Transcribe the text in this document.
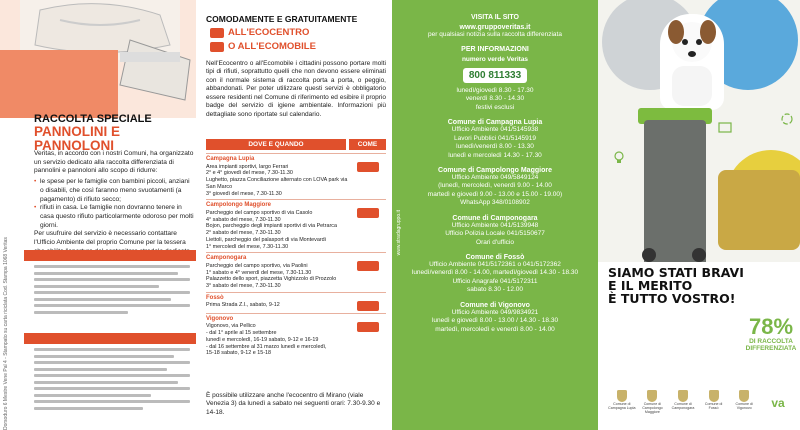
Dorsoduro 6 Mestre Vene Pal 4 - Stampato su carta riciclata Cod. Stampa 1068 Veritas
RACCOLTA SPECIALE
PANNOLINI E PANNOLONI

Veritas, in accordo con i nostri Comuni, ha organizzato un servizio dedicato alla raccolta differenziata di pannolini e pannoloni allo scopo di ridurre:

• le spese per le famiglie con bambini piccoli, anziani o disabili, che così faranno meno svuotamenti (a pagamento) di rifiuto secco;
• rifiuti in casa. Le famiglie non dovranno tenere in casa questo rifiuto particolarmente odoroso per molti giorni.

Per usufruire del servizio è necessario contattare l'Ufficio Ambiente del proprio Comune per la tessera

COMODAMENTE E GRATUITAMENTE
ALL'ECOCENTRO
O ALL'ECOMOBILE
Nell'Ecocentro o all'Ecomobile i cittadini possono portare molti tipi di rifiuti, soprattutto quelli che non devono essere eliminati con il normale sistema di raccolta porta a porta, o peggio, abbandonati. Per poter utilizzare questi servizi è obbligatorio essere residenti nel Comune di riferimento ed esibire il proprio badge del servizio di igiene ambientale. Informazioni più dettagliate sono riportate sul calendario.
DOVE E QUANDO	COME
Campagna Lupia
Area impianti sportivi, largo Ferrari
2° e 4° giovedì del mese, 7.30-11.30
Lughetto, piazza Conciliazione alternato con LOVA park via San Marco
3° giovedì del mese, 7.30-11.30
Campolongo Maggiore
Parcheggio del campo sportivo di via Casolo
4° sabato del mese, 7.30-11.30
Bojon, parcheggio degli impianti sportivi di via Petrarca
2° sabato del mese, 7.30-11.30
Liettoli, parcheggio del palasport di via Montevardi
1° mercoledì del mese, 7.30-11.30
Camponogara
Parcheggio del campo sportivo, via Paolini
1° sabato e 4° venerdì del mese, 7.30-11.30
Palazzetto dello sport, piazzetta Vighizzolo di Prozzolo
3° sabato del mese, 7.30-11.30
Fossò
Prima Strada Z.I., sabato, 9-12
Vigonovo
Vigonovo, via Pellico
- dal 1° aprile al 15 settembre
lunedì e mercoledì, 16-19 sabato, 9-12 e 16-19
- dal 16 settembre al 31 marzo lunedì e mercoledì,
15-18 sabato, 9-12 e 15-18
È possibile utilizzare anche l'ecocentro di Mirano (viale Venezia 3) da lunedì a sabato nei seguenti orari: 7.30-9.30 e 14-18.
www.stradagruppo.it
VISITA IL SITO
www.gruppoveritas.it
per qualsiasi notizia sulla raccolta differenziata
PER INFORMAZIONI
numero verde Veritas
800 811333
lunedì/giovedì 8.30 - 17.30
venerdì 8.30 - 14.30
festivi esclusi
Comune di Campagna Lupia
Ufficio Ambiente 041/5145938
Lavori Pubblici 041/5145919
lunedì/venerdì 8.00 - 13.30
lunedì e mercoledì 14.30 - 17.30
Comune di Campolongo Maggiore
Ufficio Ambiente 049/5849124
(lunedì, mercoledì, venerdì 9.00 - 14.00
martedì e giovedì 9.00 - 13.00 e 15.00 - 19.00)
WhatsApp 348/0108902
Comune di Camponogara
Ufficio Ambiente 041/5139948
Ufficio Polizia Locale 041/5150677
Orari d'ufficio
Comune di Fossò
Ufficio Ambiente 041/5172361 o 041/5172362
lunedì/venerdì 8.00 - 14.00, martedì/giovedì 14.30 - 18.30
Ufficio Anagrafe 041/5172311
sabato 8.30 - 12.00
Comune di Vigonovo
Ufficio Ambiente 049/9834921
lunedì e giovedì 8.00 - 13.00 / 14.30 - 18.30
martedì, mercoledì e venerdì 8.00 - 14.00
SIAMO STATI BRAVI
E IL MERITO
È TUTTO VOSTRO!
78%
DI RACCOLTA DIFFERENZIATA
Comune di Campagna Lupia
Comune di Campolongo Maggiore
Comune di Camponogara
Comune di Fossò
Comune di Vigonovo	va
